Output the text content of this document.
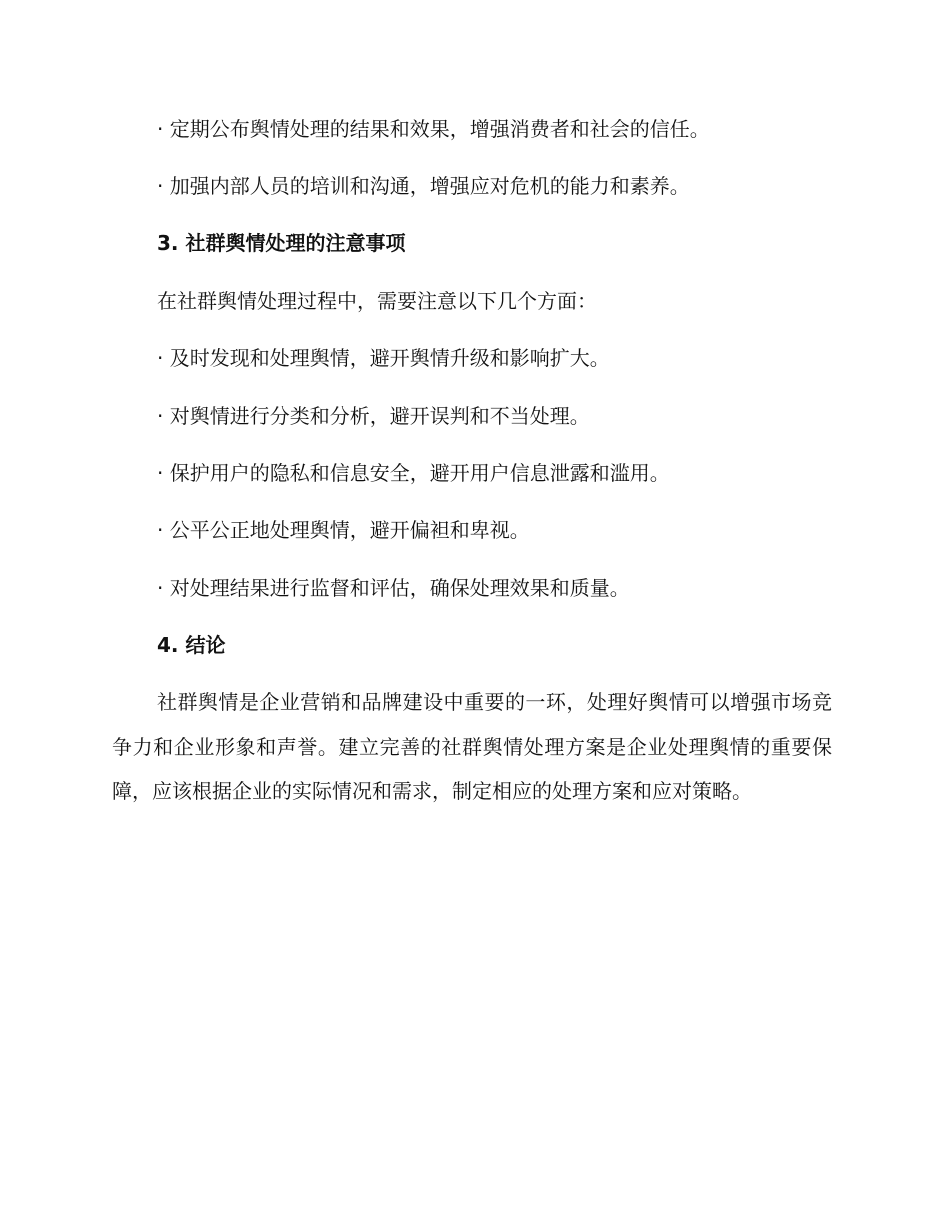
· 定期公布舆情处理的结果和效果，增强消费者和社会的信任。
· 加强内部人员的培训和沟通，增强应对危机的能力和素养。
3. 社群舆情处理的注意事项
在社群舆情处理过程中，需要注意以下几个方面：
· 及时发现和处理舆情，避开舆情升级和影响扩大。
· 对舆情进行分类和分析，避开误判和不当处理。
· 保护用户的隐私和信息安全，避开用户信息泄露和滥用。
· 公平公正地处理舆情，避开偏袒和卑视。
· 对处理结果进行监督和评估，确保处理效果和质量。
4. 结论

社群舆情是企业营销和品牌建设中重要的一环，处理好舆情可以增强市场竞争力和企业形象和声誉。建立完善的社群舆情处理方案是企业处理舆情的重要保障，应该根据企业的实际情况和需求，制定相应的处理方案和应对策略。
